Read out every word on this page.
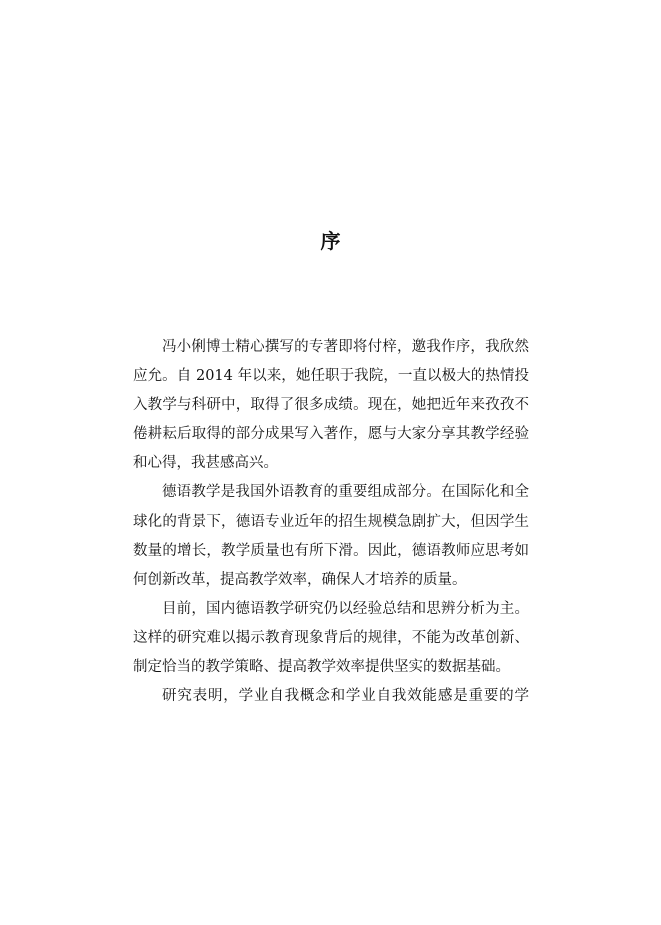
序

冯小俐博士精心撰写的专著即将付梓，邀我作序，我欣然
应允。自 2014 年以来，她任职于我院，一直以极大的热情投
入教学与科研中，取得了很多成绩。现在，她把近年来孜孜不
倦耕耘后取得的部分成果写入著作，愿与大家分享其教学经验
和心得，我甚感高兴。

德语教学是我国外语教育的重要组成部分。在国际化和全
球化的背景下，德语专业近年的招生规模急剧扩大，但因学生
数量的增长，教学质量也有所下滑。因此，德语教师应思考如
何创新改革，提高教学效率，确保人才培养的质量。

目前，国内德语教学研究仍以经验总结和思辨分析为主。
这样的研究难以揭示教育现象背后的规律，不能为改革创新、
制定恰当的教学策略、提高教学效率提供坚实的数据基础。

研究表明，学业自我概念和学业自我效能感是重要的学
